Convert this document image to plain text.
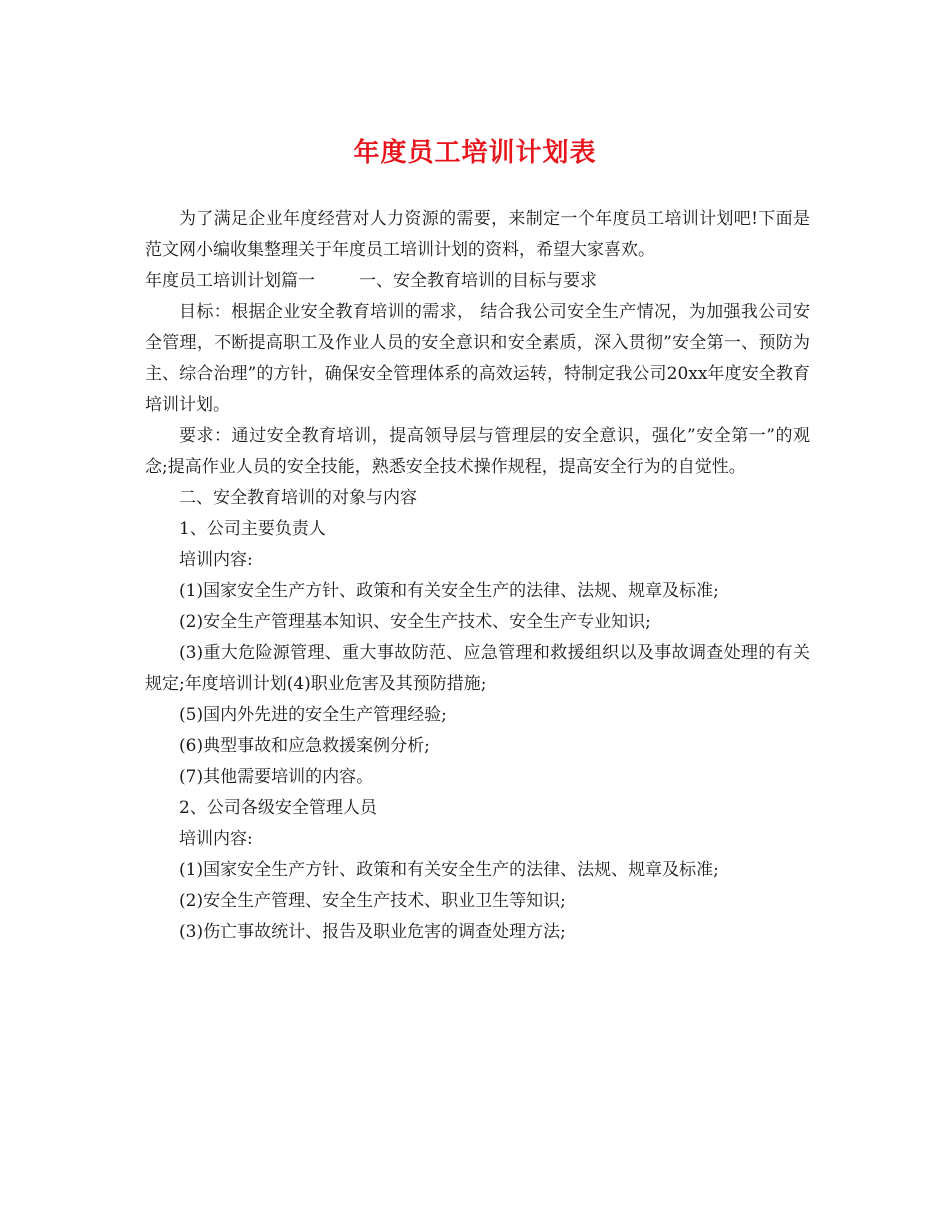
年度员工培训计划表

为了满足企业年度经营对人力资源的需要，来制定一个年度员工培训计划吧!下面是范文网小编收集整理关于年度员工培训计划的资料，希望大家喜欢。

年度员工培训计划篇一	一、安全教育培训的目标与要求

目标：根据企业安全教育培训的需求， 结合我公司安全生产情况，为加强我公司安全管理，不断提高职工及作业人员的安全意识和安全素质，深入贯彻”安全第一、预防为主、综合治理”的方针，确保安全管理体系的高效运转，特制定我公司20xx年度安全教育培训计划。

要求：通过安全教育培训，提高领导层与管理层的安全意识，强化”安全第一”的观念;提高作业人员的安全技能，熟悉安全技术操作规程，提高安全行为的自觉性。

二、安全教育培训的对象与内容

1、公司主要负责人

培训内容:

(1)国家安全生产方针、政策和有关安全生产的法律、法规、规章及标准;

(2)安全生产管理基本知识、安全生产技术、安全生产专业知识;

(3)重大危险源管理、重大事故防范、应急管理和救援组织以及事故调查处理的有关规定;年度培训计划(4)职业危害及其预防措施;

(5)国内外先进的安全生产管理经验;

(6)典型事故和应急救援案例分析;

(7)其他需要培训的内容。

2、公司各级安全管理人员

培训内容:

(1)国家安全生产方针、政策和有关安全生产的法律、法规、规章及标准;

(2)安全生产管理、安全生产技术、职业卫生等知识;

(3)伤亡事故统计、报告及职业危害的调查处理方法;
